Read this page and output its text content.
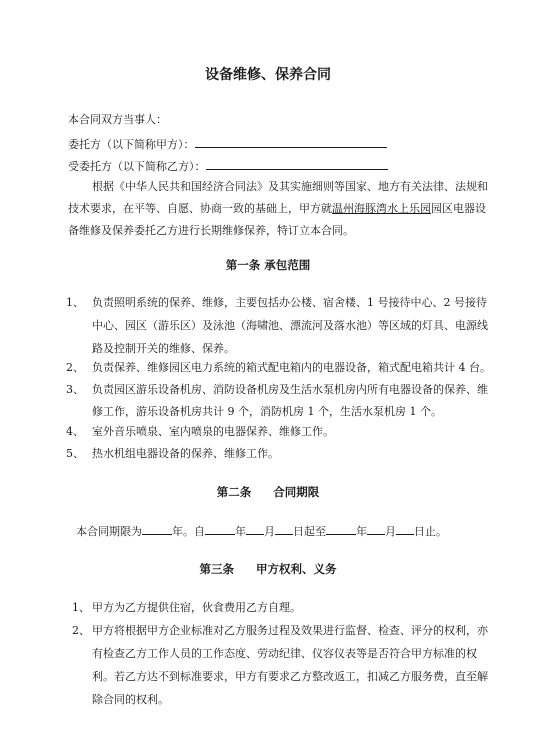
设备维修、保养合同
本合同双方当事人：
委托方（以下简称甲方）：
受委托方（以下简称乙方）：
根据《中华人民共和国经济合同法》及其实施细则等国家、地方有关法律、法规和
技术要求，在平等、自愿、协商一致的基础上，甲方就温州海豚湾水上乐园园区电器设
备维修及保养委托乙方进行长期维修保养，特订立本合同。
第一条 承包范围
1、 负责照明系统的保养、维修，主要包括办公楼、宿舍楼、1 号接待中心、2 号接待
中心、园区（游乐区）及泳池（海啸池、漂流河及落水池）等区域的灯具、电源线
路及控制开关的维修、保养。
2、 负责保养、维修园区电力系统的箱式配电箱内的电器设备，箱式配电箱共计 4 台。
3、 负责园区游乐设备机房、消防设备机房及生活水泵机房内所有电器设备的保养、维
修工作，游乐设备机房共计 9 个，消防机房 1 个，生活水泵机房 1 个。
4、 室外音乐喷泉、室内喷泉的电器保养、维修工作。
5、 热水机组电器设备的保养、维修工作。
第二条 合同期限
本合同期限为	年。自	年 月 日起至	年 月 日止。
第三条 甲方权利、义务
1、 甲方为乙方提供住宿，伙食费用乙方自理。
2、 甲方将根据甲方企业标准对乙方服务过程及效果进行监督、检查、评分的权利，亦
有检查乙方工作人员的工作态度、劳动纪律、仪容仪表等是否符合甲方标准的权
利。若乙方达不到标准要求，甲方有要求乙方整改返工，扣减乙方服务费，直至解
除合同的权利。
